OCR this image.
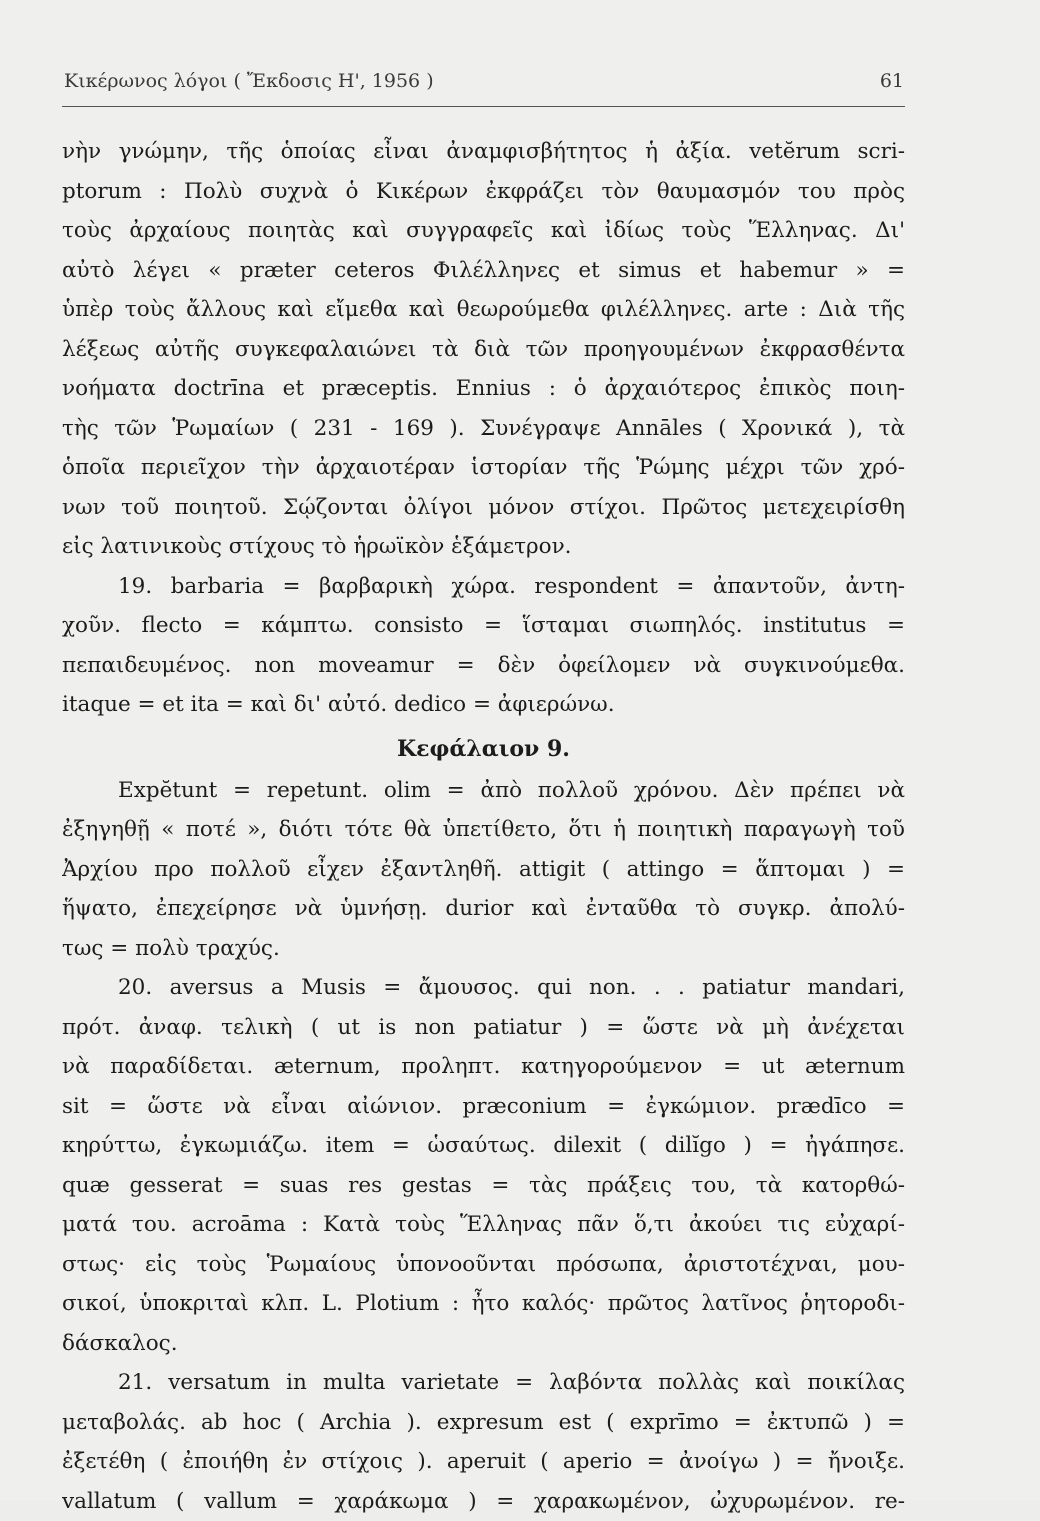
Κικέρωνος λόγοι ( Ἔκδοσις Η', 1956 )	61
νὴν γνώμην, τῆς ὁποίας εἶναι ἀναμφισβήτητος ἡ ἀξία. vetĕrum scri-
ptorum : Πολὺ συχνὰ ὁ Κικέρων ἐκφράζει τὸν θαυμασμόν του πρὸς
τοὺς ἀρχαίους ποιητὰς καὶ συγγραφεῖς καὶ ἰδίως τοὺς Ἕλληνας. Δι'
αὐτὸ λέγει « præter ceteros Φιλέλληνες et simus et habemur » =
ὑπὲρ τοὺς ἄλλους καὶ εἴμεθα καὶ θεωρούμεθα φιλέλληνες. arte : Διὰ τῆς
λέξεως αὐτῆς συγκεφαλαιώνει τὰ διὰ τῶν προηγουμένων ἐκφρασθέντα
νοήματα doctrīna et præceptis. Ennius : ὁ ἀρχαιότερος ἐπικὸς ποιη-
τὴς τῶν Ῥωμαίων ( 231 - 169 ). Συνέγραψε Annāles ( Χρονικά ), τὰ
ὁποῖα περιεῖχον τὴν ἀρχαιοτέραν ἱστορίαν τῆς Ῥώμης μέχρι τῶν χρό-
νων τοῦ ποιητοῦ. Σῴζονται ὀλίγοι μόνον στίχοι. Πρῶτος μετεχειρίσθη
εἰς λατινικοὺς στίχους τὸ ἡρωϊκὸν ἑξάμετρον.
19. barbaria = βαρβαρικὴ χώρα. respondent = ἀπαντοῦν, ἀντη-
χοῦν. flecto = κάμπτω. consisto = ἵσταμαι σιωπηλός. institutus =
πεπαιδευμένος. non moveamur = δὲν ὀφείλομεν νὰ συγκινούμεθα.
itaque = et ita = καὶ δι' αὐτό. dedico = ἀφιερώνω.
Κεφάλαιον 9.
Expĕtunt = repetunt. olim = ἀπὸ πολλοῦ χρόνου. Δὲν πρέπει νὰ
ἐξηγηθῇ « ποτέ », διότι τότε θὰ ὑπετίθετο, ὅτι ἡ ποιητικὴ παραγωγὴ τοῦ
Ἀρχίου προ πολλοῦ εἶχεν ἐξαντληθῆ. attigit ( attingo = ἅπτομαι ) =
ἥψατο, ἐπεχείρησε νὰ ὑμνήσῃ. durior καὶ ἐνταῦθα τὸ συγκρ. ἀπολύ-
τως = πολὺ τραχύς.
20. aversus a Musis = ἄμουσος. qui non. . . patiatur mandari,
πρότ. ἀναφ. τελικὴ ( ut is non patiatur ) = ὥστε νὰ μὴ ἀνέχεται
νὰ παραδίδεται. æternum, προληπτ. κατηγορούμενον = ut æternum
sit = ὥστε νὰ εἶναι αἰώνιον. præconium = ἐγκώμιον. prædīco =
κηρύττω, ἐγκωμιάζω. item = ὡσαύτως. dilexit ( dilĭgo ) = ἠγάπησε.
quæ gesserat = suas res gestas = τὰς πράξεις του, τὰ κατορθώ-
ματά του. acroāma : Κατὰ τοὺς Ἕλληνας πᾶν ὅ,τι ἀκούει τις εὐχαρί-
στως· εἰς τοὺς Ῥωμαίους ὑπονοοῦνται πρόσωπα, ἀριστοτέχναι, μου-
σικοί, ὑποκριταὶ κλπ. L. Plotium : ἦτο καλός· πρῶτος λατῖνος ῥητοροδι-
δάσκαλος.
21. versatum in multa varietate = λαβόντα πολλὰς καὶ ποικίλας
μεταβολάς. ab hoc ( Archia ). expresum est ( exprīmo = ἐκτυπῶ ) =
ἐξετέθη ( ἐποιήθη ἐν στίχοις ). aperuit ( aperio = ἀνοίγω ) = ἤνοιξε.
vallatum ( vallum = χαράκωμα ) = χαρακωμένον, ὠχυρωμένον. re-
